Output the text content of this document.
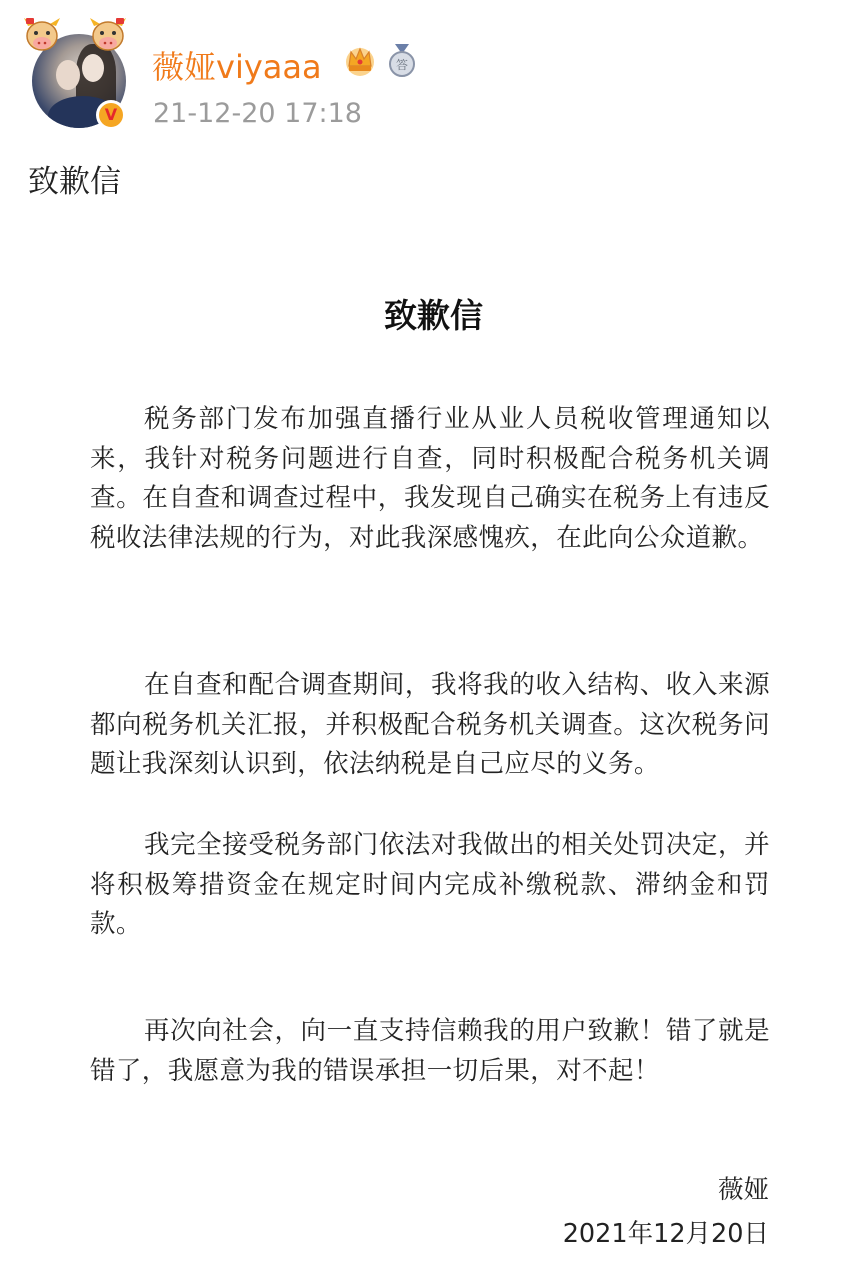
V
薇娅viyaaa	答
21-12-20 17:18
致歉信
致歉信

税务部门发布加强直播行业从业人员税收管理通知以来，我针对税务问题进行自查，同时积极配合税务机关调查。在自查和调查过程中，我发现自己确实在税务上有违反税收法律法规的行为，对此我深感愧疚，在此向公众道歉。

在自查和配合调查期间，我将我的收入结构、收入来源都向税务机关汇报，并积极配合税务机关调查。这次税务问题让我深刻认识到，依法纳税是自己应尽的义务。

我完全接受税务部门依法对我做出的相关处罚决定，并将积极筹措资金在规定时间内完成补缴税款、滞纳金和罚款。

再次向社会，向一直支持信赖我的用户致歉！错了就是错了，我愿意为我的错误承担一切后果，对不起！

薇娅
2021年12月20日
